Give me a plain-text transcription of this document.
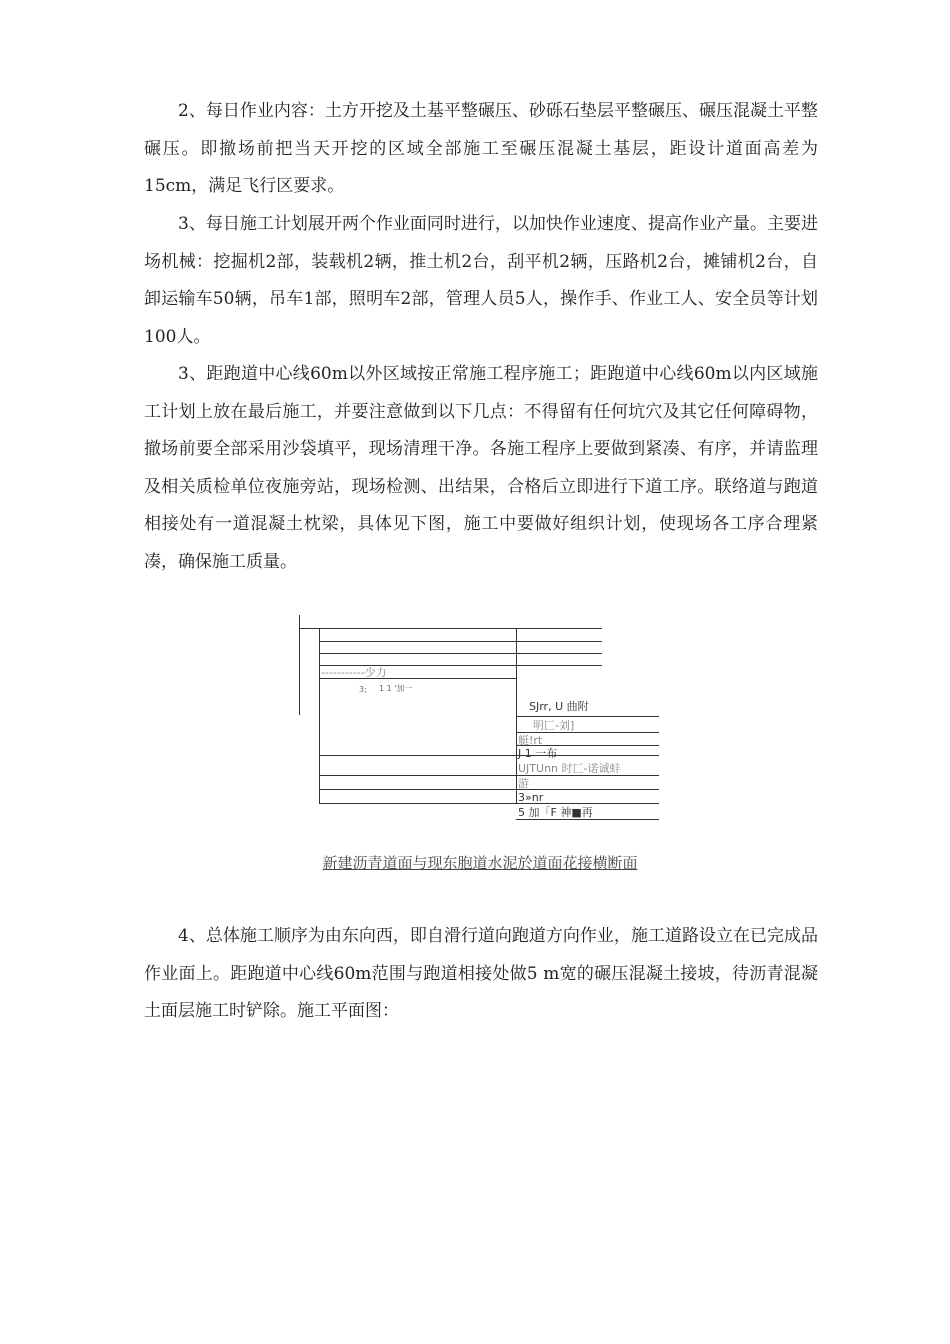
2、每日作业内容：土方开挖及土基平整碾压、砂砾石垫层平整碾压、碾压混凝土平整碾压。即撤场前把当天开挖的区域全部施工至碾压混凝土基层，距设计道面高差为15cm，满足飞行区要求。

3、每日施工计划展开两个作业面同时进行，以加快作业速度、提高作业产量。主要进场机械：挖掘机2部，装载机2辆，推土机2台，刮平机2辆，压路机2台，摊铺机2台，自卸运输车50辆，吊车1部，照明车2部，管理人员5人，操作手、作业工人、安全员等计划100人。

3、距跑道中心线60m以外区域按正常施工程序施工；距跑道中心线60m以内区域施工计划上放在最后施工，并要注意做到以下几点：不得留有任何坑穴及其它任何障碍物，撤场前要全部采用沙袋填平，现场清理干净。各施工程序上要做到紧凑、有序，并请监理及相关质检单位夜施旁站，现场检测、出结果，合格后立即进行下道工序。联络道与跑道相接处有一道混凝土枕梁，具体见下图，施工中要做好组织计划，使现场各工序合理紧凑，确保施工质量。

-----------少力
3; 1 1 '加一
SJrr, U 曲附
明匚-刘]
艇!rt
J 1 一布
UJTUnn 时匚-诺诚蚌
游
3»nr
5 加「F 神■再
新建沥青道面与现东胞道水泥於道面花接横断面

4、总体施工顺序为由东向西，即自滑行道向跑道方向作业，施工道路设立在已完成品作业面上。距跑道中心线60m范围与跑道相接处做5 m宽的碾压混凝土接坡，待沥青混凝土面层施工时铲除。施工平面图：
